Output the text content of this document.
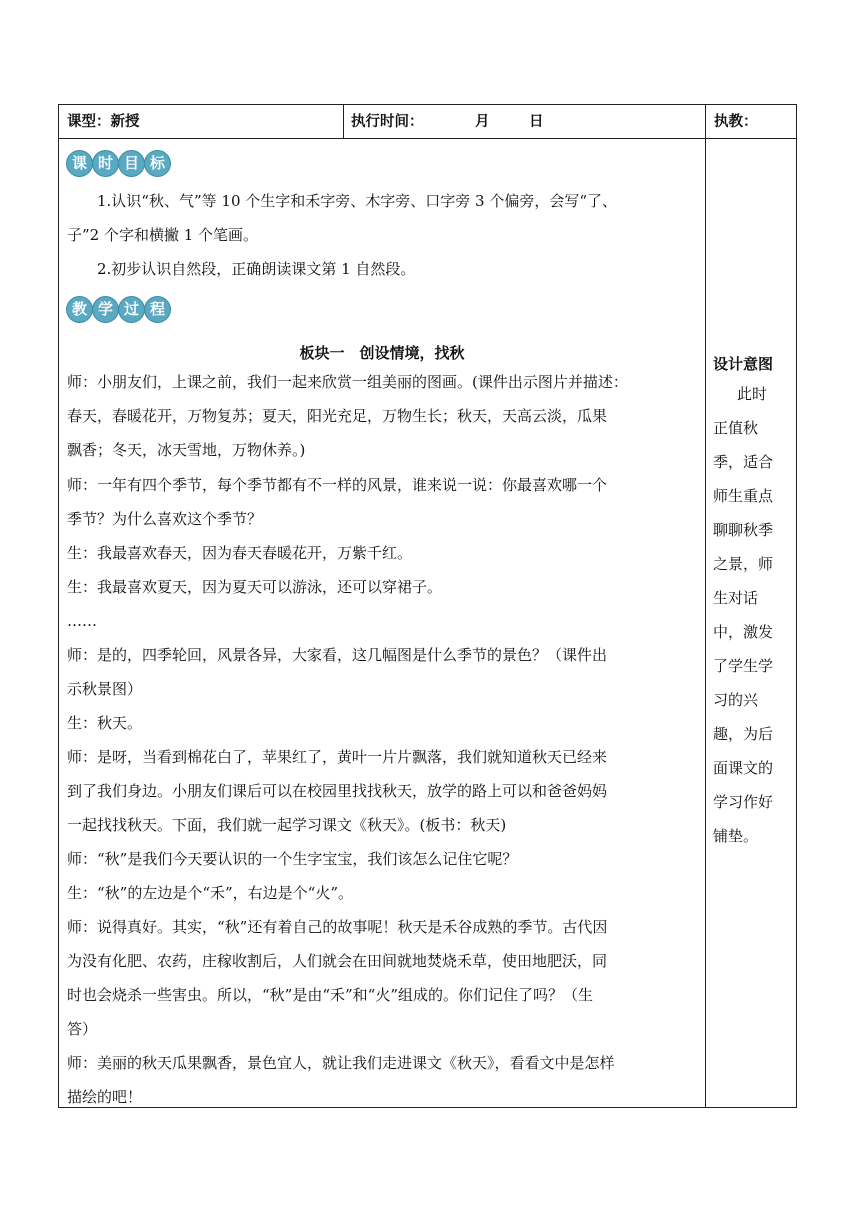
课型：新授	执行时间：	月	日	执教：
课 时 目 标
1.认识“秋、气”等 10 个生字和禾字旁、木字旁、口字旁 3 个偏旁，会写“了、
子”2 个字和横撇 1 个笔画。
2.初步认识自然段，正确朗读课文第 1 自然段。
教 学 过 程
板块一　创设情境，找秋
师：小朋友们，上课之前，我们一起来欣赏一组美丽的图画。(课件出示图片并描述：
春天，春暖花开，万物复苏；夏天，阳光充足，万物生长；秋天，天高云淡，瓜果
飘香；冬天，冰天雪地，万物休养。)
师：一年有四个季节，每个季节都有不一样的风景，谁来说一说：你最喜欢哪一个
季节？为什么喜欢这个季节？
生：我最喜欢春天，因为春天春暖花开，万紫千红。
生：我最喜欢夏天，因为夏天可以游泳，还可以穿裙子。
……
师：是的，四季轮回，风景各异，大家看，这几幅图是什么季节的景色？（课件出
示秋景图）
生：秋天。
师：是呀，当看到棉花白了，苹果红了，黄叶一片片飘落，我们就知道秋天已经来
到了我们身边。小朋友们课后可以在校园里找找秋天，放学的路上可以和爸爸妈妈
一起找找秋天。下面，我们就一起学习课文《秋天》。(板书：秋天)
师：“秋”是我们今天要认识的一个生字宝宝，我们该怎么记住它呢？
生：“秋”的左边是个“禾”，右边是个“火”。
师：说得真好。其实，“秋”还有着自己的故事呢！秋天是禾谷成熟的季节。古代因
为没有化肥、农药，庄稼收割后，人们就会在田间就地焚烧禾草，使田地肥沃，同
时也会烧杀一些害虫。所以，“秋”是由“禾”和“火”组成的。你们记住了吗？（生
答）
师：美丽的秋天瓜果飘香，景色宜人，就让我们走进课文《秋天》，看看文中是怎样
描绘的吧！
设计意图
此时
正值秋
季，适合
师生重点
聊聊秋季
之景，师
生对话
中，激发
了学生学
习的兴
趣，为后
面课文的
学习作好
铺垫。
